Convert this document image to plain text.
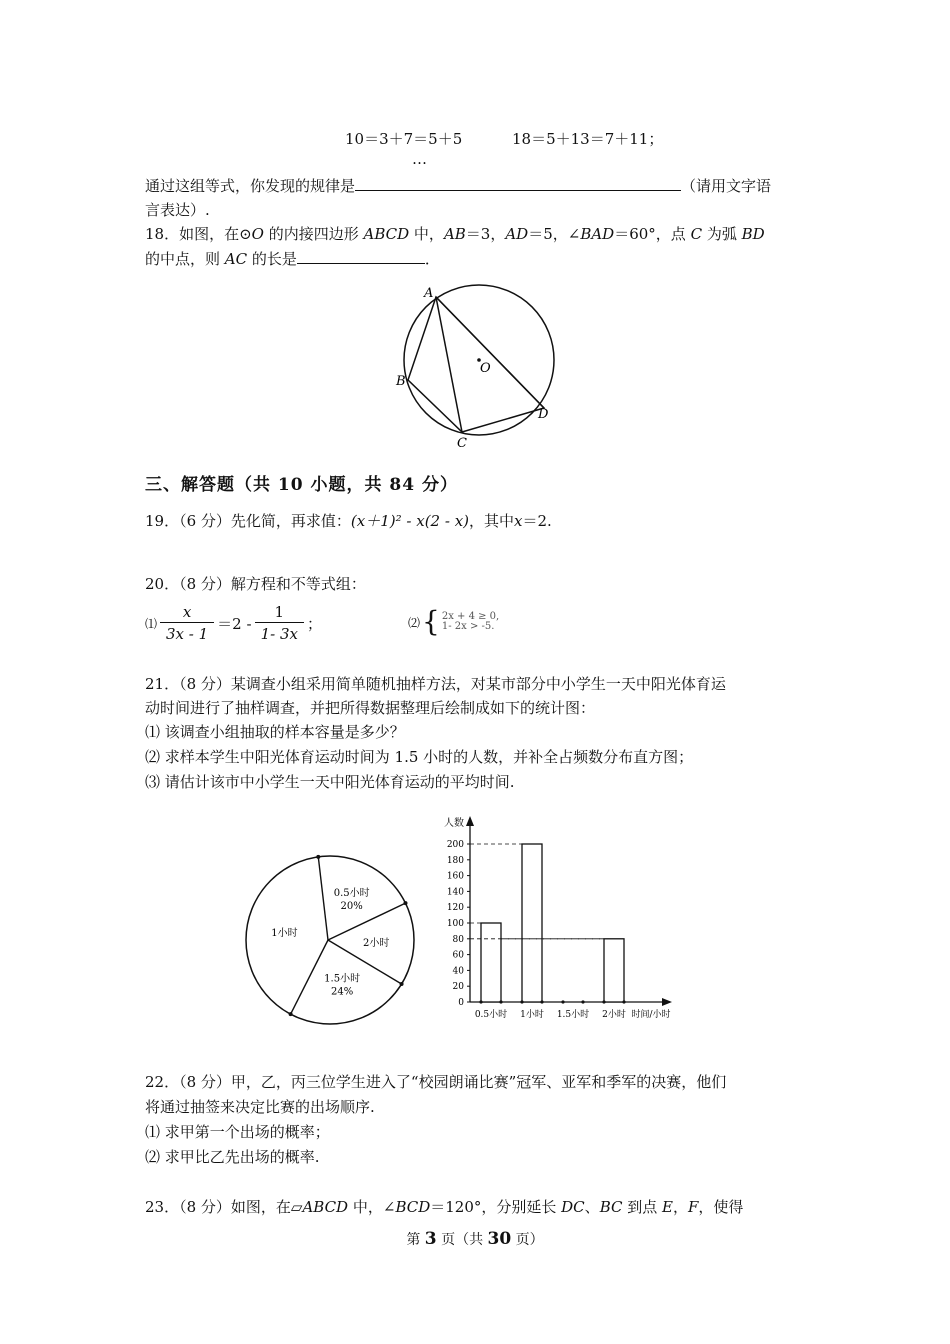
10＝3＋7＝5＋5	18＝5＋13＝7＋11；
…
通过这组等式，你发现的规律是	（请用文字语
言表达）.
18．如图，在⊙O 的内接四边形 ABCD 中，AB＝3，AD＝5，∠BAD＝60°，点 C 为弧 BD
的中点，则 AC 的长是	．
A
B
C
D
O
三、解答题（共 10 小题，共 84 分）
19．（6 分）先化简，再求值：(x＋1)² - x(2 - x)，其中x＝2.
20．（8 分）解方程和不等式组：
⑴ $\frac{x}{3x - 1} =2 - \frac{1}{1- 3x}$ ；	⑵ { 2x + 4 ≥ 0,
1- 2x > -5.
21．（8 分）某调查小组采用简单随机抽样方法，对某市部分中小学生一天中阳光体育运
动时间进行了抽样调查，并把所得数据整理后绘制成如下的统计图：
⑴ 该调查小组抽取的样本容量是多少？
⑵ 求样本学生中阳光体育运动时间为 1.5 小时的人数，并补全占频数分布直方图；
⑶ 请估计该市中小学生一天中阳光体育运动的平均时间.
0.5小时
20%
2小时
1.5小时
24%
1小时
人数
0
20
40
60
80
100
120
140
160
180
200
0.5小时 1小时 1.5小时 2小时 时间/小时
22．（8 分）甲，乙，丙三位学生进入了“校园朗诵比赛”冠军、亚军和季军的决赛，他们
将通过抽签来决定比赛的出场顺序.
⑴ 求甲第一个出场的概率；
⑵ 求甲比乙先出场的概率.
23．（8 分）如图，在▱ABCD 中，∠BCD＝120°，分别延长 DC、BC 到点 E，F，使得
第 3 页（共 30 页）
